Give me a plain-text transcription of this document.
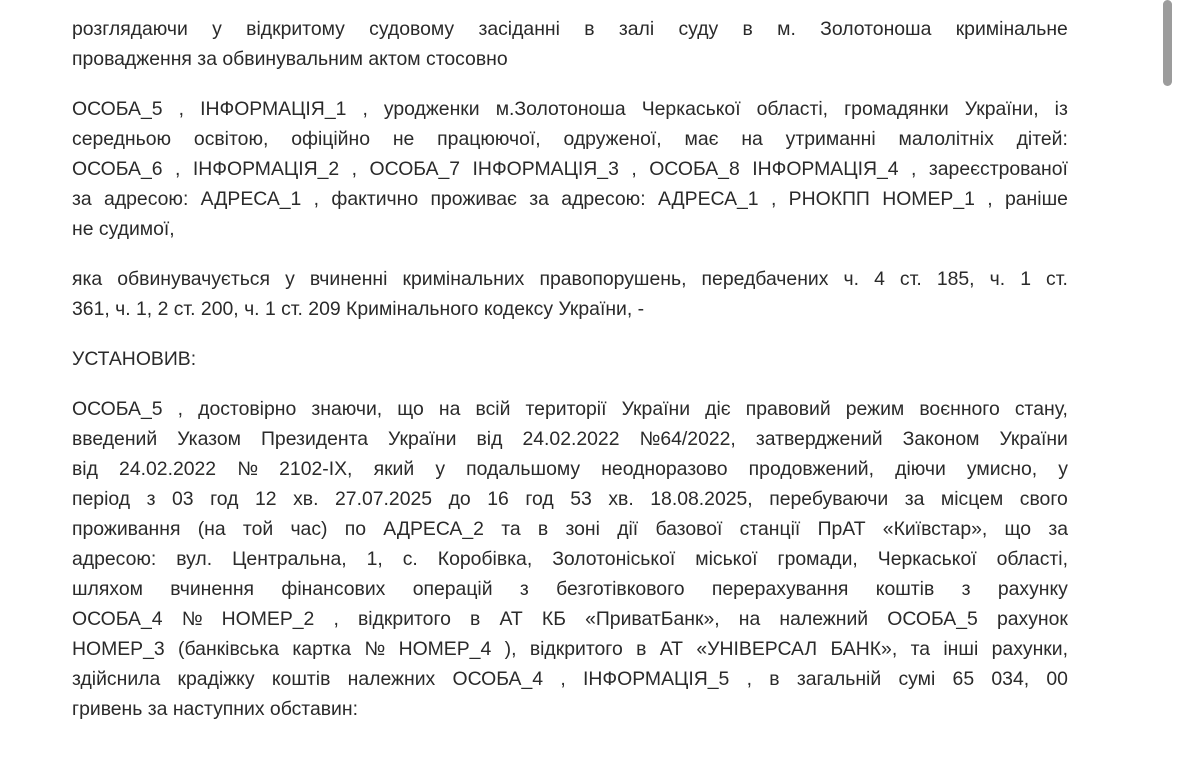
розглядаючи у відкритому судовому засіданні в залі суду в м. Золотоноша кримінальне
провадження за обвинувальним актом стосовно
ОСОБА_5 , ІНФОРМАЦІЯ_1 , уродженки м.Золотоноша Черкаської області, громадянки України, із
середньою освітою, офіційно не працюючої, одруженої, має на утриманні малолітніх дітей:
ОСОБА_6 , ІНФОРМАЦІЯ_2 , ОСОБА_7 ІНФОРМАЦІЯ_3 , ОСОБА_8 ІНФОРМАЦІЯ_4 , зареєстрованої
за адресою: АДРЕСА_1 , фактично проживає за адресою: АДРЕСА_1 , РНОКПП НОМЕР_1 , раніше
не судимої,
яка обвинувачується у вчиненні кримінальних правопорушень, передбачених ч. 4 ст. 185, ч. 1 ст.
361, ч. 1, 2 ст. 200, ч. 1 ст. 209 Кримінального кодексу України, -
УСТАНОВИВ:
ОСОБА_5 , достовірно знаючи, що на всій території України діє правовий режим воєнного стану,
введений Указом Президента України від 24.02.2022 №64/2022, затверджений Законом України
від 24.02.2022 № 2102-ІХ, який у подальшому неодноразово продовжений, діючи умисно, у
період з 03 год 12 хв. 27.07.2025 до 16 год 53 хв. 18.08.2025, перебуваючи за місцем свого
проживання (на той час) по АДРЕСА_2 та в зоні дії базової станції ПрАТ «Київстар», що за
адресою: вул. Центральна, 1, с. Коробівка, Золотоніської міської громади, Черкаської області,
шляхом вчинення фінансових операцій з безготівкового перерахування коштів з рахунку
ОСОБА_4 № НОМЕР_2 , відкритого в АТ КБ «ПриватБанк», на належний ОСОБА_5 рахунок
НОМЕР_3 (банківська картка № НОМЕР_4 ), відкритого в АТ «УНІВЕРСАЛ БАНК», та інші рахунки,
здійснила крадіжку коштів належних ОСОБА_4 , ІНФОРМАЦІЯ_5 , в загальній сумі 65 034, 00
гривень за наступних обставин:
